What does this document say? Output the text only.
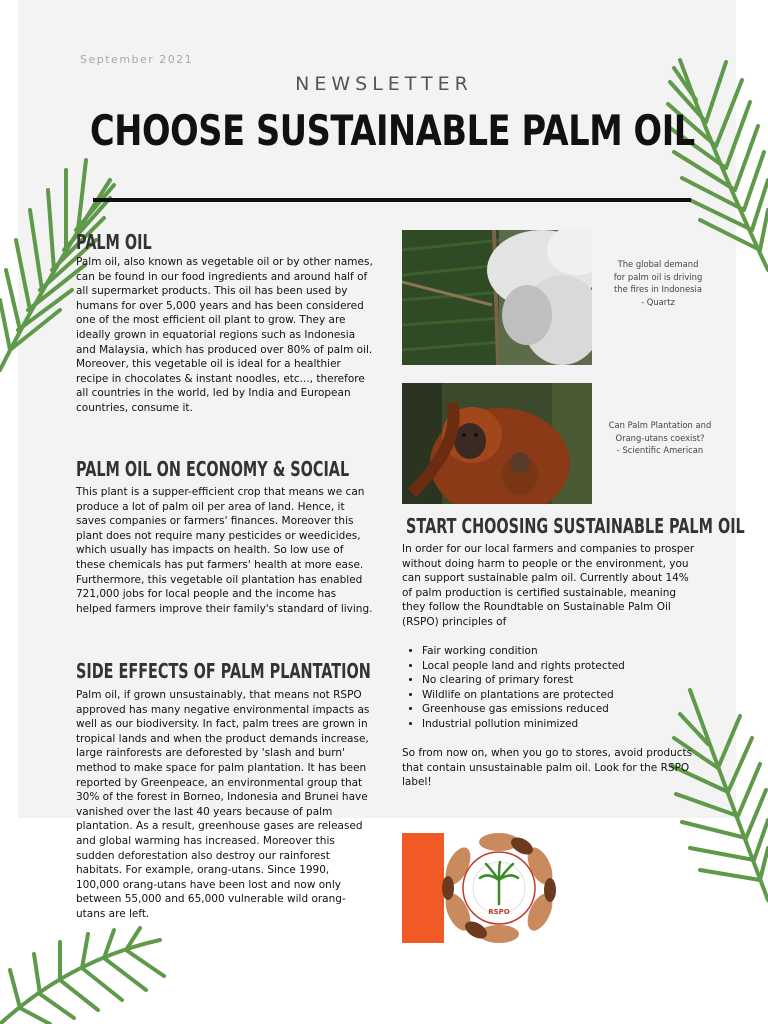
September 2021
NEWSLETTER
CHOOSE SUSTAINABLE PALM OIL
PALM OIL

Palm oil, also known as vegetable oil or by other names, can be found in our food ingredients and around half of all supermarket products. This oil has been used by humans for over 5,000 years and has been considered one of the most efficient oil plant to grow. They are ideally grown in equatorial regions such as Indonesia and Malaysia, which has produced over 80% of palm oil. Moreover, this vegetable oil is ideal for a healthier recipe in chocolates & instant noodles, etc..., therefore all countries in the world, led by India and European countries, consume it.

PALM OIL ON ECONOMY & SOCIAL

This plant is a supper-efficient crop that means we can produce a lot of palm oil per area of land. Hence, it saves companies or farmers' finances. Moreover this plant does not require many pesticides or weedicides, which usually has impacts on health. So low use of these chemicals has put farmers' health at more ease. Furthermore, this vegetable oil plantation has enabled 721,000 jobs for local people and the income has helped farmers improve their family's standard of living.

SIDE EFFECTS OF PALM PLANTATION

Palm oil, if grown unsustainably, that means not RSPO approved has many negative environmental impacts as well as our biodiversity. In fact, palm trees are grown in tropical lands and when the product demands increase, large rainforests are deforested by 'slash and burn' method to make space for palm plantation. It has been reported by Greenpeace, an environmental group that 30% of the forest in Borneo, Indonesia and Brunei have vanished over the last 40 years because of palm plantation. As a result, greenhouse gases are released and global warming has increased. Moreover this sudden deforestation also destroy our rainforest habitats. For example, orang-utans. Since 1990, 100,000 orang-utans have been lost and now only between 55,000 and 65,000 vulnerable wild orang-utans are left.

The global demand
for palm oil is driving
the fires in Indonesia
- Quartz
Can Palm Plantation and
Orang-utans coexist?
- Scientific American
START CHOOSING SUSTAINABLE PALM OIL

In order for our local farmers and companies to prosper without doing harm to people or the environment, you can support sustainable palm oil. Currently about 14% of palm production is certified sustainable, meaning they follow the Roundtable on Sustainable Palm Oil (RSPO) principles of

• Fair working condition
• Local people land and rights protected
• No clearing of primary forest
• Wildlife on plantations are protected
• Greenhouse gas emissions reduced
• Industrial pollution minimized

So from now on, when you go to stores, avoid products that contain unsustainable palm oil. Look for the RSPO label!

RSPO
